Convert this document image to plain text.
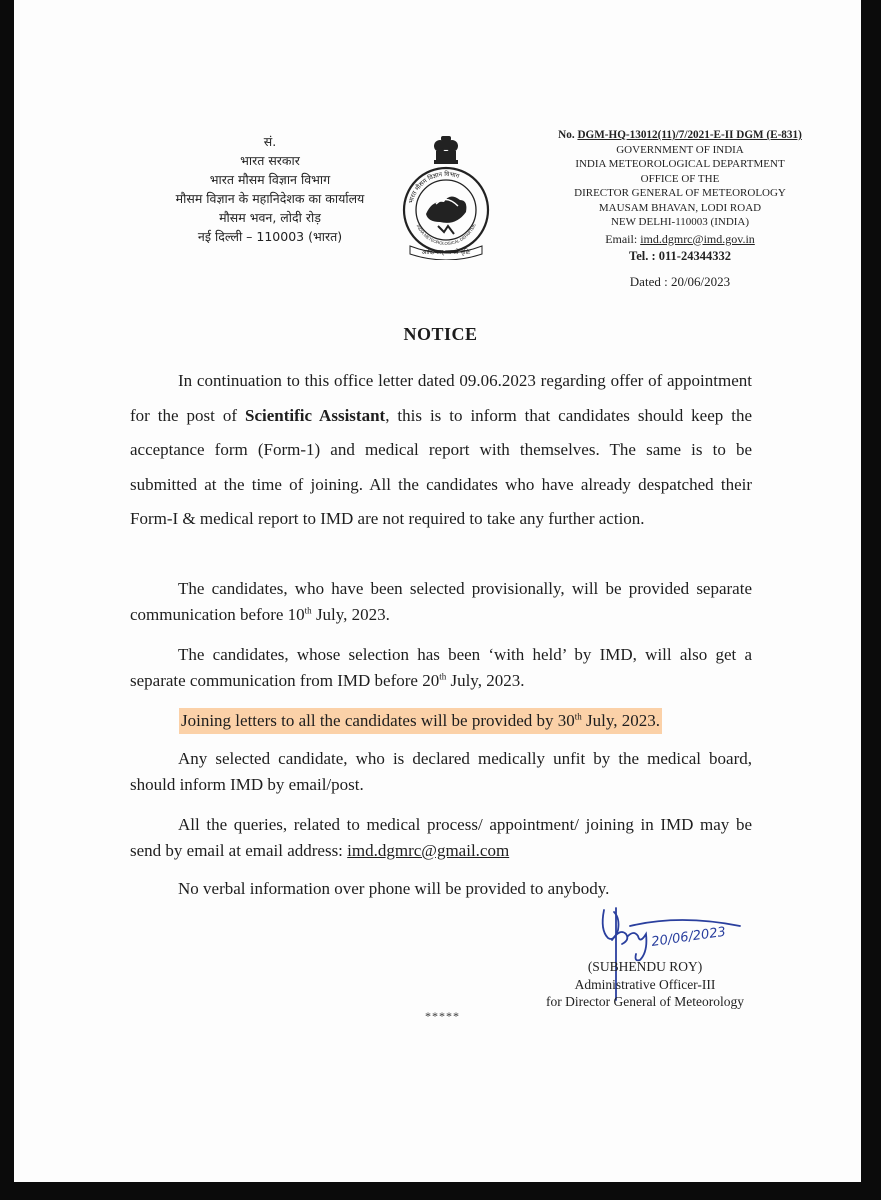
सं.
भारत सरकार
भारत मौसम विज्ञान विभाग
मौसम विज्ञान के महानिदेशक का कार्यालय
मौसम भवन, लोदी रोड़
नई दिल्ली – 110003 (भारत)
भारत मौसम विज्ञान विभाग
INDIA METEOROLOGICAL DEPARTME
आदित्यात् जायते वृष्टिः
No. DGM-HQ-13012(11)/7/2021-E-II DGM (E-831)
GOVERNMENT OF INDIA
INDIA METEOROLOGICAL DEPARTMENT
OFFICE OF THE
DIRECTOR GENERAL OF METEOROLOGY
MAUSAM BHAVAN, LODI ROAD
NEW DELHI-110003 (INDIA)
Email: imd.dgmrc@imd.gov.in
Tel. : 011-24344332
Dated : 20/06/2023
NOTICE
In continuation to this office letter dated 09.06.2023 regarding offer of appointment for the post of Scientific Assistant, this is to inform that candidates should keep the acceptance form (Form-1) and medical report with themselves. The same is to be submitted at the time of joining. All the candidates who have already despatched their Form-I & medical report to IMD are not required to take any further action.
The candidates, who have been selected provisionally, will be provided separate communication before 10th July, 2023.
The candidates, whose selection has been ‘with held’ by IMD, will also get a separate communication from IMD before 20th July, 2023.
Joining letters to all the candidates will be provided by 30th July, 2023.
Any selected candidate, who is declared medically unfit by the medical board, should inform IMD by email/post.
All the queries, related to medical process/ appointment/ joining in IMD may be send by email at email address: imd.dgmrc@gmail.com
No verbal information over phone will be provided to anybody.
20/06/2023
(SUBHENDU ROY)
Administrative Officer-III
for Director General of Meteorology
*****
